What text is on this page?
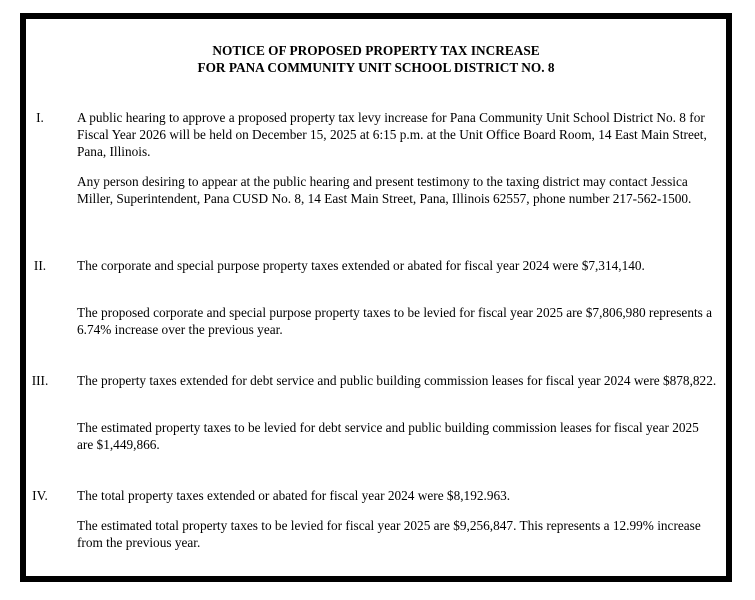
NOTICE OF PROPOSED PROPERTY TAX INCREASE
FOR PANA COMMUNITY UNIT SCHOOL DISTRICT NO. 8
I.	A public hearing to approve a proposed property tax levy increase for Pana Community Unit School District No. 8 for Fiscal Year 2026 will be held on December 15, 2025 at 6:15 p.m. at the Unit Office Board Room, 14 East Main Street, Pana, Illinois.
Any person desiring to appear at the public hearing and present testimony to the taxing district may contact Jessica Miller, Superintendent, Pana CUSD No. 8, 14 East Main Street, Pana, Illinois 62557, phone number 217-562-1500.
II.	The corporate and special purpose property taxes extended or abated for fiscal year 2024 were $7,314,140.
The proposed corporate and special purpose property taxes to be levied for fiscal year 2025 are $7,806,980 represents a 6.74% increase over the previous year.
III.	The property taxes extended for debt service and public building commission leases for fiscal year 2024 were $878,822.
The estimated property taxes to be levied for debt service and public building commission leases for fiscal year 2025 are $1,449,866.
IV.	The total property taxes extended or abated for fiscal year 2024 were $8,192.963.
The estimated total property taxes to be levied for fiscal year 2025 are $9,256,847. This represents a 12.99% increase from the previous year.
